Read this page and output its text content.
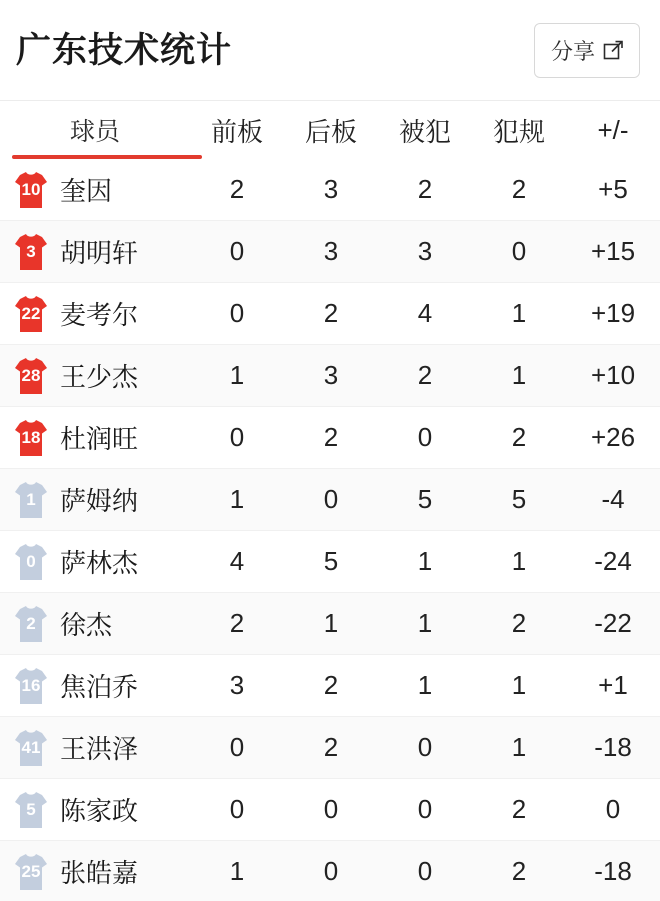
广东技术统计	分享
球员	前板	后板	被犯	犯规	+/-
10 奎因	2	3	2	2	+5
3 胡明轩	0	3	3	0	+15
22 麦考尔	0	2	4	1	+19
28 王少杰	1	3	2	1	+10
18 杜润旺	0	2	0	2	+26
1 萨姆纳	1	0	5	5	-4
0 萨林杰	4	5	1	1	-24
2 徐杰	2	1	1	2	-22
16 焦泊乔	3	2	1	1	+1
41 王洪泽	0	2	0	1	-18
5 陈家政	0	0	0	2	0
25 张皓嘉	1	0	0	2	-18
